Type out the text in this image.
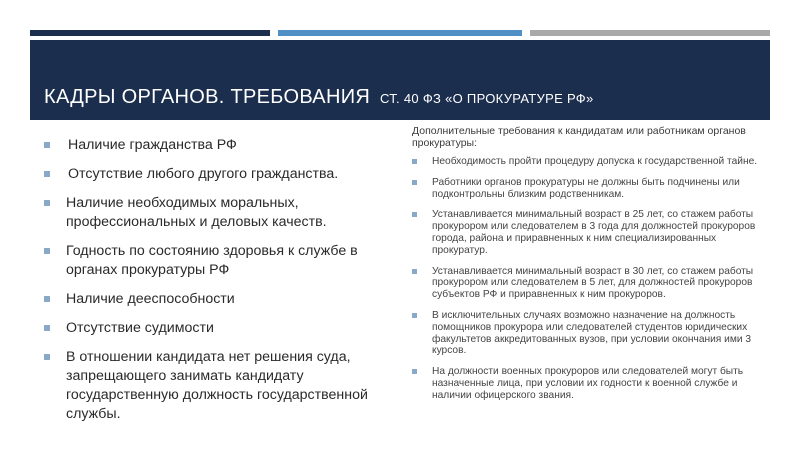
КАДРЫ ОРГАНОВ. ТРЕБОВАНИЯ СТ. 40 ФЗ «О ПРОКУРАТУРЕ РФ»
Наличие гражданства РФ
Отсутствие любого другого гражданства.
Наличие необходимых моральных, профессиональных и деловых качеств.
Годность по состоянию здоровья к службе в органах прокуратуры РФ
Наличие дееспособности
Отсутствие судимости
В отношении кандидата нет решения суда, запрещающего занимать кандидату государственную должность государственной службы.

Дополнительные требования к кандидатам или работникам органов прокуратуры:

Необходимость пройти процедуру допуска к государственной тайне.
Работники органов прокуратуры не должны быть подчинены или подконтрольны близким родственникам.
Устанавливается минимальный возраст в 25 лет, со стажем работы прокурором или следователем в 3 года для должностей прокуроров города, района и приравненных к ним специализированных прокуратур.
Устанавливается минимальный возраст в 30 лет, со стажем работы прокурором или следователем в 5 лет, для должностей прокуроров субъектов РФ и приравненных к ним прокуроров.
В исключительных случаях возможно назначение на должность помощников прокурора или следователей студентов юридических факультетов аккредитованных вузов, при условии окончания ими 3 курсов.
На должности военных прокуроров или следователей могут быть назначенные лица, при условии их годности к военной службе и наличии офицерского звания.
